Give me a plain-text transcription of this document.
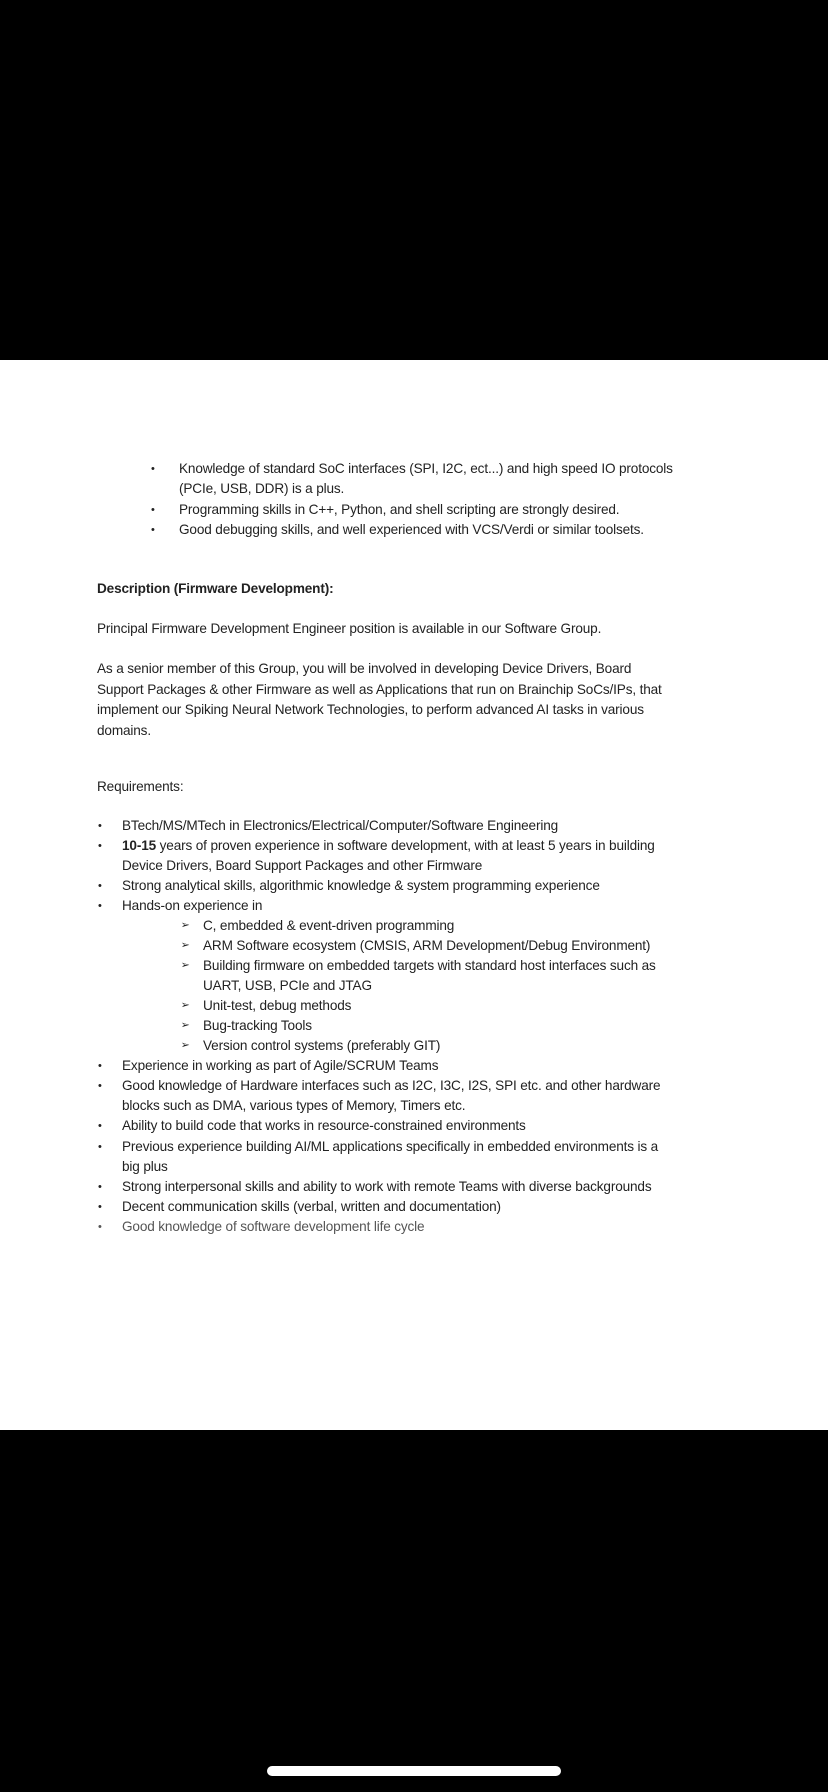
• Knowledge of standard SoC interfaces (SPI, I2C, ect...) and high speed IO protocols
(PCIe, USB, DDR) is a plus.
• Programming skills in C++, Python, and shell scripting are strongly desired.
• Good debugging skills, and well experienced with VCS/Verdi or similar toolsets.
Description (Firmware Development):
Principal Firmware Development Engineer position is available in our Software Group.
As a senior member of this Group, you will be involved in developing Device Drivers, Board
Support Packages & other Firmware as well as Applications that run on Brainchip SoCs/IPs, that
implement our Spiking Neural Network Technologies, to perform advanced AI tasks in various
domains.
Requirements:
• BTech/MS/MTech in Electronics/Electrical/Computer/Software Engineering
• 10-15 years of proven experience in software development, with at least 5 years in building
Device Drivers, Board Support Packages and other Firmware
• Strong analytical skills, algorithmic knowledge & system programming experience
• Hands-on experience in
➢ C, embedded & event-driven programming
➢ ARM Software ecosystem (CMSIS, ARM Development/Debug Environment)
➢ Building firmware on embedded targets with standard host interfaces such as
UART, USB, PCIe and JTAG
➢ Unit-test, debug methods
➢ Bug-tracking Tools
➢ Version control systems (preferably GIT)
• Experience in working as part of Agile/SCRUM Teams
• Good knowledge of Hardware interfaces such as I2C, I3C, I2S, SPI etc. and other hardware
blocks such as DMA, various types of Memory, Timers etc.
• Ability to build code that works in resource-constrained environments
• Previous experience building AI/ML applications specifically in embedded environments is a
big plus
• Strong interpersonal skills and ability to work with remote Teams with diverse backgrounds
• Decent communication skills (verbal, written and documentation)
• Good knowledge of software development life cycle
